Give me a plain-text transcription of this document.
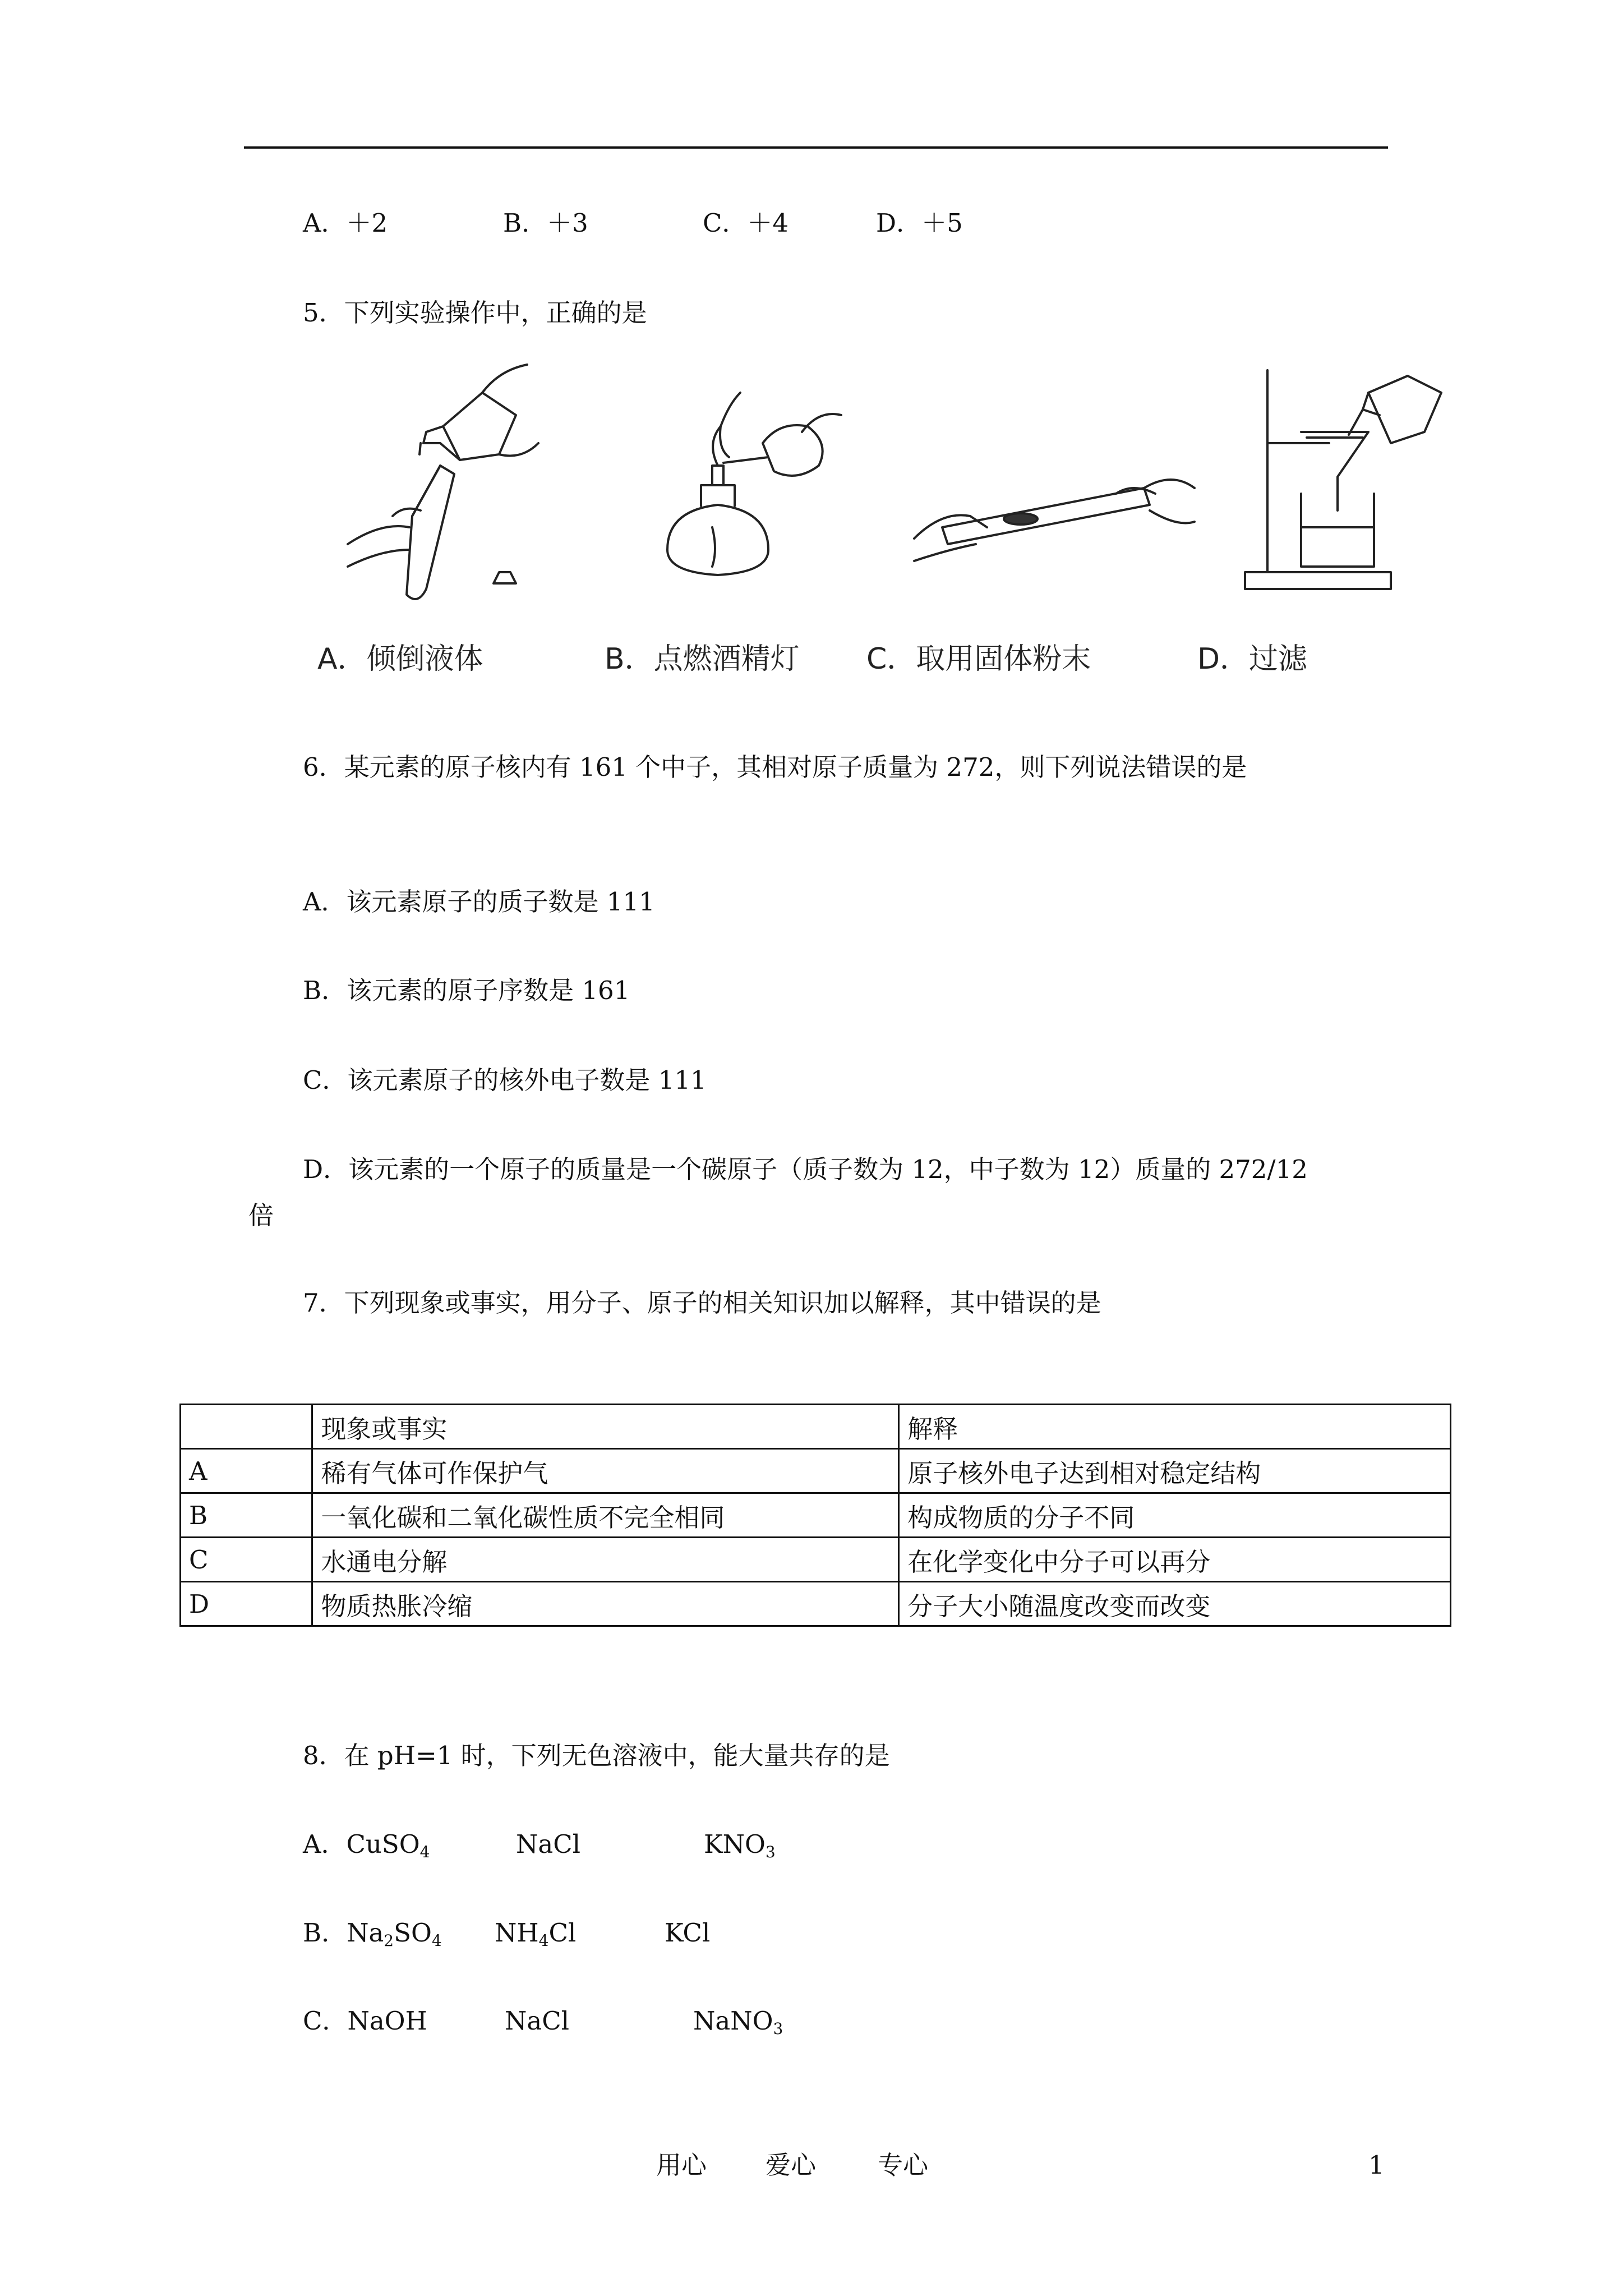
A．＋2	B．＋3	C．＋4	D．＋5
5．下列实验操作中，正确的是
A．倾倒液体	B．点燃酒精灯 C．取用固体粉末	D．过滤
6．某元素的原子核内有 161 个中子，其相对原子质量为 272，则下列说法错误的是
A．该元素原子的质子数是 111
B．该元素的原子序数是 161
C．该元素原子的核外电子数是 111
D．该元素的一个原子的质量是一个碳原子（质子数为 12，中子数为 12）质量的 272/12
倍
7．下列现象或事实，用分子、原子的相关知识加以解释，其中错误的是
	现象或事实	解释
A	稀有气体可作保护气	原子核外电子达到相对稳定结构
B	一氧化碳和二氧化碳性质不完全相同	构成物质的分子不同
C	水通电分解	在化学变化中分子可以再分
D	物质热胀冷缩	分子大小随温度改变而改变
8．在 pH=1 时，下列无色溶液中，能大量共存的是
A．CuSO$_4$	NaCl	$KNO_3$
B．$Na_2SO_4$ $NH_4Cl$	KCl
C．NaOH	NaCl	NaNO$_3$
用心 爱心 专心	1
